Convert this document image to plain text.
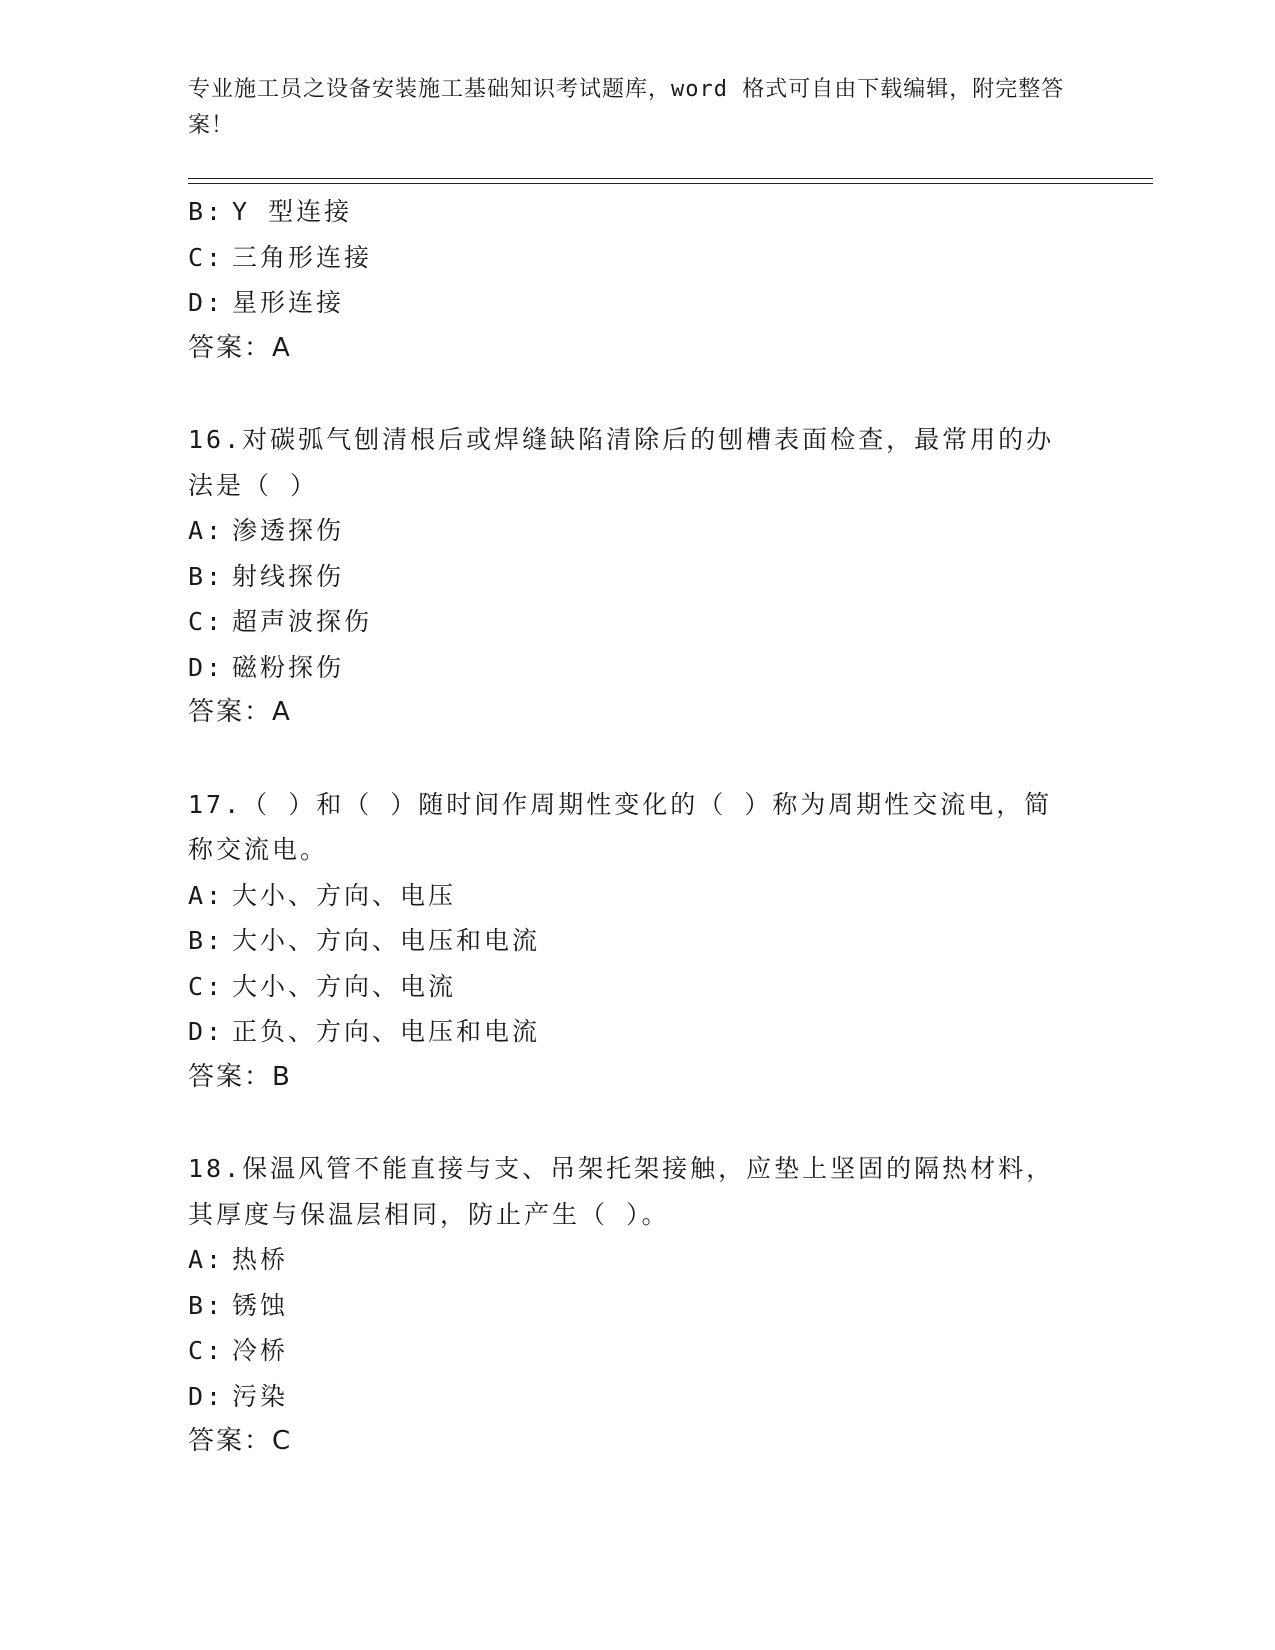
专业施工员之设备安装施工基础知识考试题库，word 格式可自由下载编辑，附完整答案！
B: Y 型连接
C: 三角形连接
D: 星形连接
答案：A
16.对碳弧气刨清根后或焊缝缺陷清除后的刨槽表面检查，最常用的办
法是（ ）
A: 渗透探伤
B: 射线探伤
C: 超声波探伤
D: 磁粉探伤
答案：A
17.（ ）和（ ）随时间作周期性变化的（ ）称为周期性交流电，简
称交流电。
A: 大小、方向、电压
B: 大小、方向、电压和电流
C: 大小、方向、电流
D: 正负、方向、电压和电流
答案：B
18.保温风管不能直接与支、吊架托架接触，应垫上坚固的隔热材料，
其厚度与保温层相同，防止产生（ ）。
A: 热桥
B: 锈蚀
C: 冷桥
D: 污染
答案：C
